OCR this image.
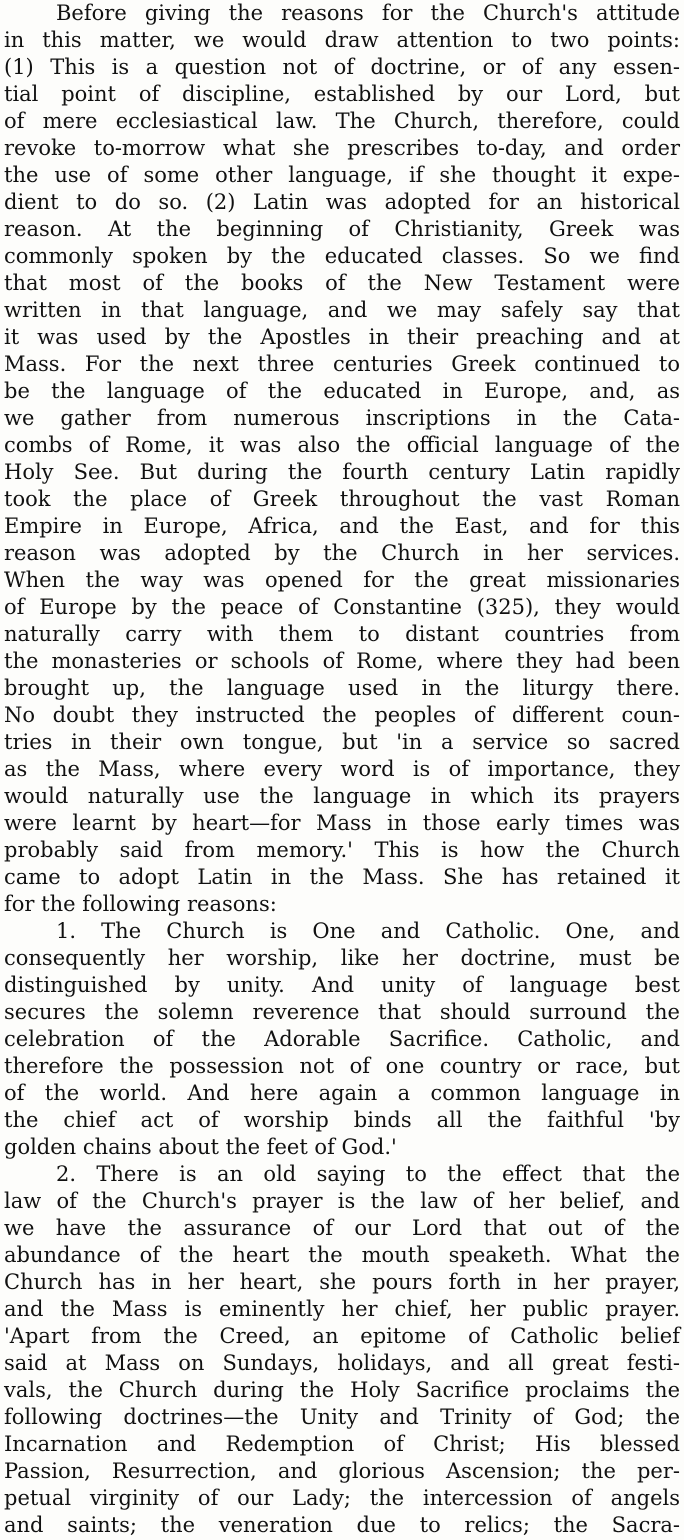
Before giving the reasons for the Church's attitude
in this matter, we would draw attention to two points:
(1) This is a question not of doctrine, or of any essen-
tial point of discipline, established by our Lord, but
of mere ecclesiastical law. The Church, therefore, could
revoke to-morrow what she prescribes to-day, and order
the use of some other language, if she thought it expe-
dient to do so. (2) Latin was adopted for an historical
reason. At the beginning of Christianity, Greek was
commonly spoken by the educated classes. So we find
that most of the books of the New Testament were
written in that language, and we may safely say that
it was used by the Apostles in their preaching and at
Mass. For the next three centuries Greek continued to
be the language of the educated in Europe, and, as
we gather from numerous inscriptions in the Cata-
combs of Rome, it was also the official language of the
Holy See. But during the fourth century Latin rapidly
took the place of Greek throughout the vast Roman
Empire in Europe, Africa, and the East, and for this
reason was adopted by the Church in her services.
When the way was opened for the great missionaries
of Europe by the peace of Constantine (325), they would
naturally carry with them to distant countries from
the monasteries or schools of Rome, where they had been
brought up, the language used in the liturgy there.
No doubt they instructed the peoples of different coun-
tries in their own tongue, but 'in a service so sacred
as the Mass, where every word is of importance, they
would naturally use the language in which its prayers
were learnt by heart—for Mass in those early times was
probably said from memory.' This is how the Church
came to adopt Latin in the Mass. She has retained it
for the following reasons:
1. The Church is One and Catholic. One, and
consequently her worship, like her doctrine, must be
distinguished by unity. And unity of language best
secures the solemn reverence that should surround the
celebration of the Adorable Sacrifice. Catholic, and
therefore the possession not of one country or race, but
of the world. And here again a common language in
the chief act of worship binds all the faithful 'by
golden chains about the feet of God.'
2. There is an old saying to the effect that the
law of the Church's prayer is the law of her belief, and
we have the assurance of our Lord that out of the
abundance of the heart the mouth speaketh. What the
Church has in her heart, she pours forth in her prayer,
and the Mass is eminently her chief, her public prayer.
'Apart from the Creed, an epitome of Catholic belief
said at Mass on Sundays, holidays, and all great festi-
vals, the Church during the Holy Sacrifice proclaims the
following doctrines—the Unity and Trinity of God; the
Incarnation and Redemption of Christ; His blessed
Passion, Resurrection, and glorious Ascension; the per-
petual virginity of our Lady; the intercession of angels
and saints; the veneration due to relics; the Sacra-
